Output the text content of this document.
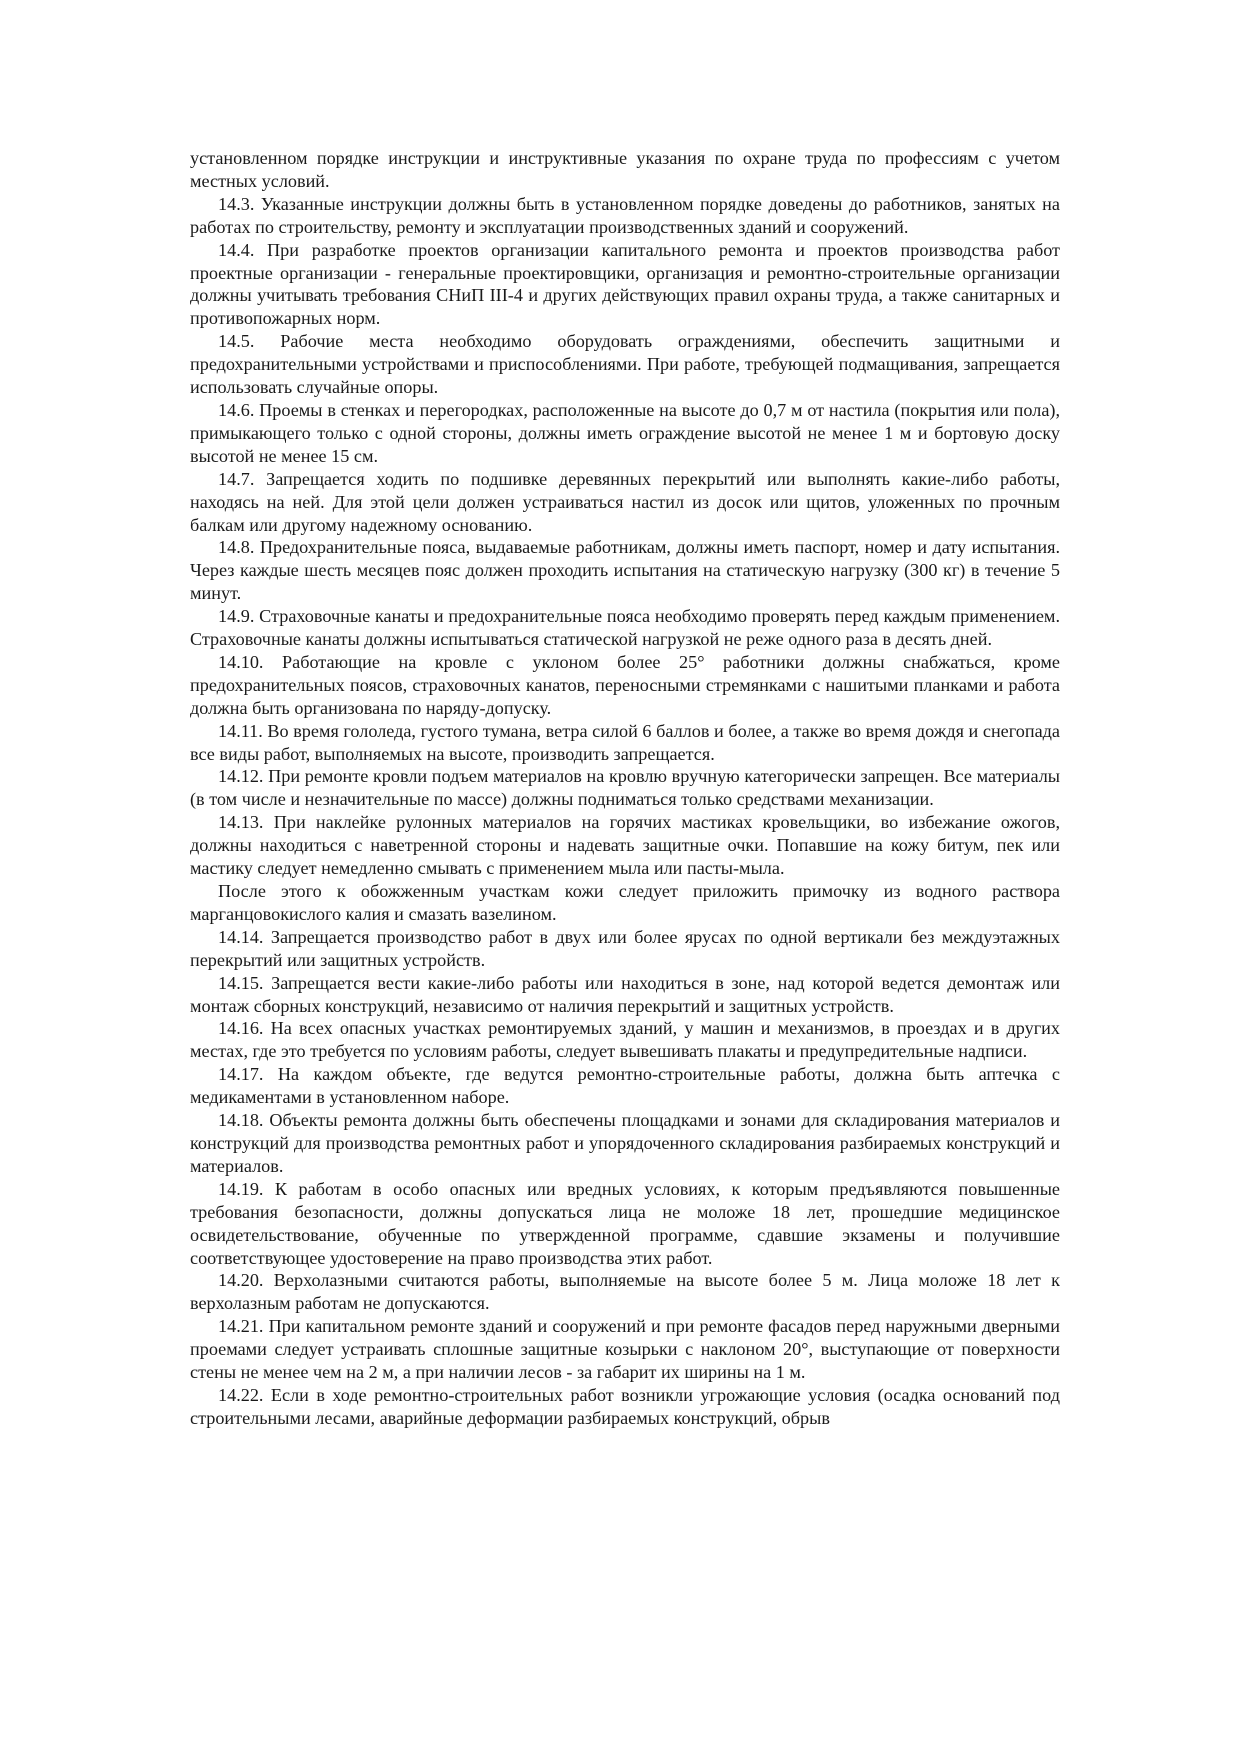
установленном порядке инструкции и инструктивные указания по охране труда по профессиям с учетом местных условий.

14.3. Указанные инструкции должны быть в установленном порядке доведены до работников, занятых на работах по строительству, ремонту и эксплуатации производственных зданий и сооружений.

14.4. При разработке проектов организации капитального ремонта и проектов производства работ проектные организации - генеральные проектировщики, организация и ремонтно-строительные организации должны учитывать требования СНиП III-4 и других действующих правил охраны труда, а также санитарных и противопожарных норм.

14.5. Рабочие места необходимо оборудовать ограждениями, обеспечить защитными и предохранительными устройствами и приспособлениями. При работе, требующей подмащивания, запрещается использовать случайные опоры.

14.6. Проемы в стенках и перегородках, расположенные на высоте до 0,7 м от настила (покрытия или пола), примыкающего только с одной стороны, должны иметь ограждение высотой не менее 1 м и бортовую доску высотой не менее 15 см.

14.7. Запрещается ходить по подшивке деревянных перекрытий или выполнять какие-либо работы, находясь на ней. Для этой цели должен устраиваться настил из досок или щитов, уложенных по прочным балкам или другому надежному основанию.

14.8. Предохранительные пояса, выдаваемые работникам, должны иметь паспорт, номер и дату испытания. Через каждые шесть месяцев пояс должен проходить испытания на статическую нагрузку (300 кг) в течение 5 минут.

14.9. Страховочные канаты и предохранительные пояса необходимо проверять перед каждым применением. Страховочные канаты должны испытываться статической нагрузкой не реже одного раза в десять дней.

14.10. Работающие на кровле с уклоном более 25° работники должны снабжаться, кроме предохранительных поясов, страховочных канатов, переносными стремянками с нашитыми планками и работа должна быть организована по наряду-допуску.

14.11. Во время гололеда, густого тумана, ветра силой 6 баллов и более, а также во время дождя и снегопада все виды работ, выполняемых на высоте, производить запрещается.

14.12. При ремонте кровли подъем материалов на кровлю вручную категорически запрещен. Все материалы (в том числе и незначительные по массе) должны подниматься только средствами механизации.

14.13. При наклейке рулонных материалов на горячих мастиках кровельщики, во избежание ожогов, должны находиться с наветренной стороны и надевать защитные очки. Попавшие на кожу битум, пек или мастику следует немедленно смывать с применением мыла или пасты-мыла.

После этого к обожженным участкам кожи следует приложить примочку из водного раствора марганцовокислого калия и смазать вазелином.

14.14. Запрещается производство работ в двух или более ярусах по одной вертикали без междуэтажных перекрытий или защитных устройств.

14.15. Запрещается вести какие-либо работы или находиться в зоне, над которой ведется демонтаж или монтаж сборных конструкций, независимо от наличия перекрытий и защитных устройств.

14.16. На всех опасных участках ремонтируемых зданий, у машин и механизмов, в проездах и в других местах, где это требуется по условиям работы, следует вывешивать плакаты и предупредительные надписи.

14.17. На каждом объекте, где ведутся ремонтно-строительные работы, должна быть аптечка с медикаментами в установленном наборе.

14.18. Объекты ремонта должны быть обеспечены площадками и зонами для складирования материалов и конструкций для производства ремонтных работ и упорядоченного складирования разбираемых конструкций и материалов.

14.19. К работам в особо опасных или вредных условиях, к которым предъявляются повышенные требования безопасности, должны допускаться лица не моложе 18 лет, прошедшие медицинское освидетельствование, обученные по утвержденной программе, сдавшие экзамены и получившие соответствующее удостоверение на право производства этих работ.

14.20. Верхолазными считаются работы, выполняемые на высоте более 5 м. Лица моложе 18 лет к верхолазным работам не допускаются.

14.21. При капитальном ремонте зданий и сооружений и при ремонте фасадов перед наружными дверными проемами следует устраивать сплошные защитные козырьки с наклоном 20°, выступающие от поверхности стены не менее чем на 2 м, а при наличии лесов - за габарит их ширины на 1 м.

14.22. Если в ходе ремонтно-строительных работ возникли угрожающие условия (осадка оснований под строительными лесами, аварийные деформации разбираемых конструкций, обрыв
